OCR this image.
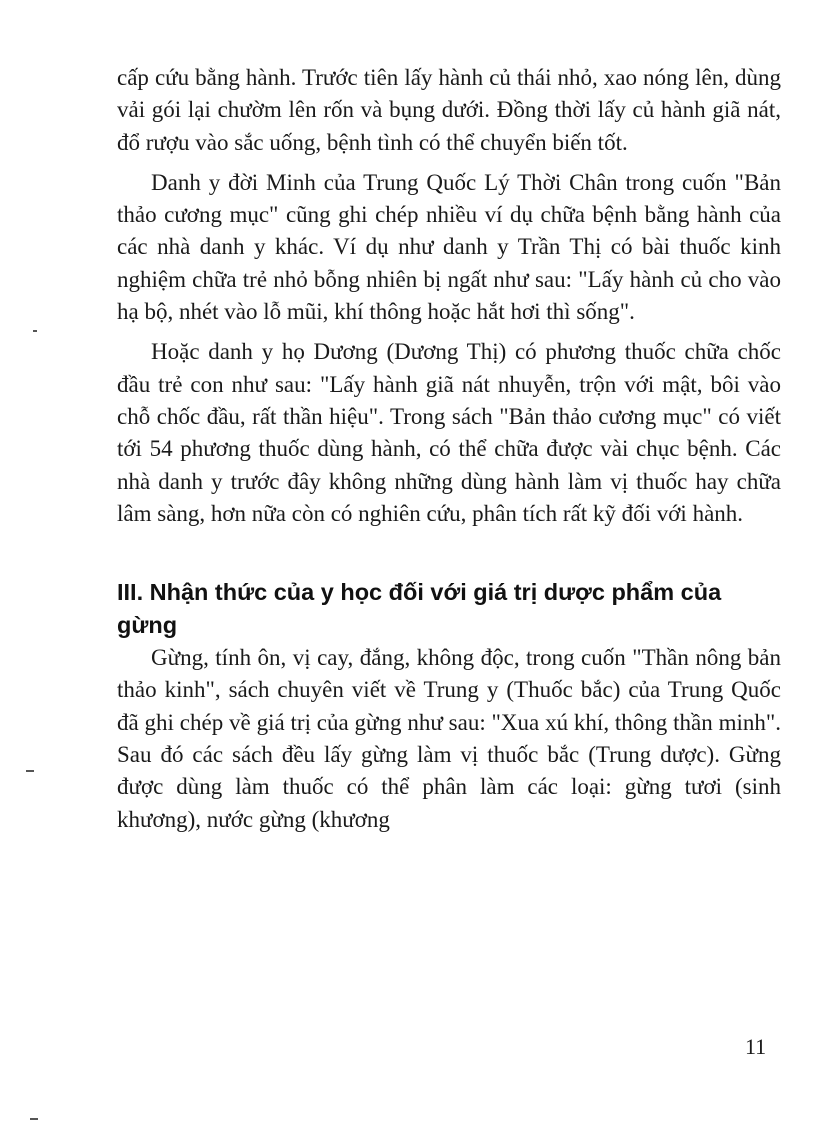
cấp cứu bằng hành. Trước tiên lấy hành củ thái nhỏ, xao nóng lên, dùng vải gói lại chườm lên rốn và bụng dưới. Đồng thời lấy củ hành giã nát, đổ rượu vào sắc uống, bệnh tình có thể chuyển biến tốt.

Danh y đời Minh của Trung Quốc Lý Thời Chân trong cuốn "Bản thảo cương mục" cũng ghi chép nhiều ví dụ chữa bệnh bằng hành của các nhà danh y khác. Ví dụ như danh y Trần Thị có bài thuốc kinh nghiệm chữa trẻ nhỏ bỗng nhiên bị ngất như sau: "Lấy hành củ cho vào hạ bộ, nhét vào lỗ mũi, khí thông hoặc hắt hơi thì sống".

Hoặc danh y họ Dương (Dương Thị) có phương thuốc chữa chốc đầu trẻ con như sau: "Lấy hành giã nát nhuyễn, trộn với mật, bôi vào chỗ chốc đầu, rất thần hiệu". Trong sách "Bản thảo cương mục" có viết tới 54 phương thuốc dùng hành, có thể chữa được vài chục bệnh. Các nhà danh y trước đây không những dùng hành làm vị thuốc hay chữa lâm sàng, hơn nữa còn có nghiên cứu, phân tích rất kỹ đối với hành.

III. Nhận thức của y học đối với giá trị dược phẩm của gừng

Gừng, tính ôn, vị cay, đắng, không độc, trong cuốn "Thần nông bản thảo kinh", sách chuyên viết về Trung y (Thuốc bắc) của Trung Quốc đã ghi chép về giá trị của gừng như sau: "Xua xú khí, thông thần minh". Sau đó các sách đều lấy gừng làm vị thuốc bắc (Trung dược). Gừng được dùng làm thuốc có thể phân làm các loại: gừng tươi (sinh khương), nước gừng (khương

11
